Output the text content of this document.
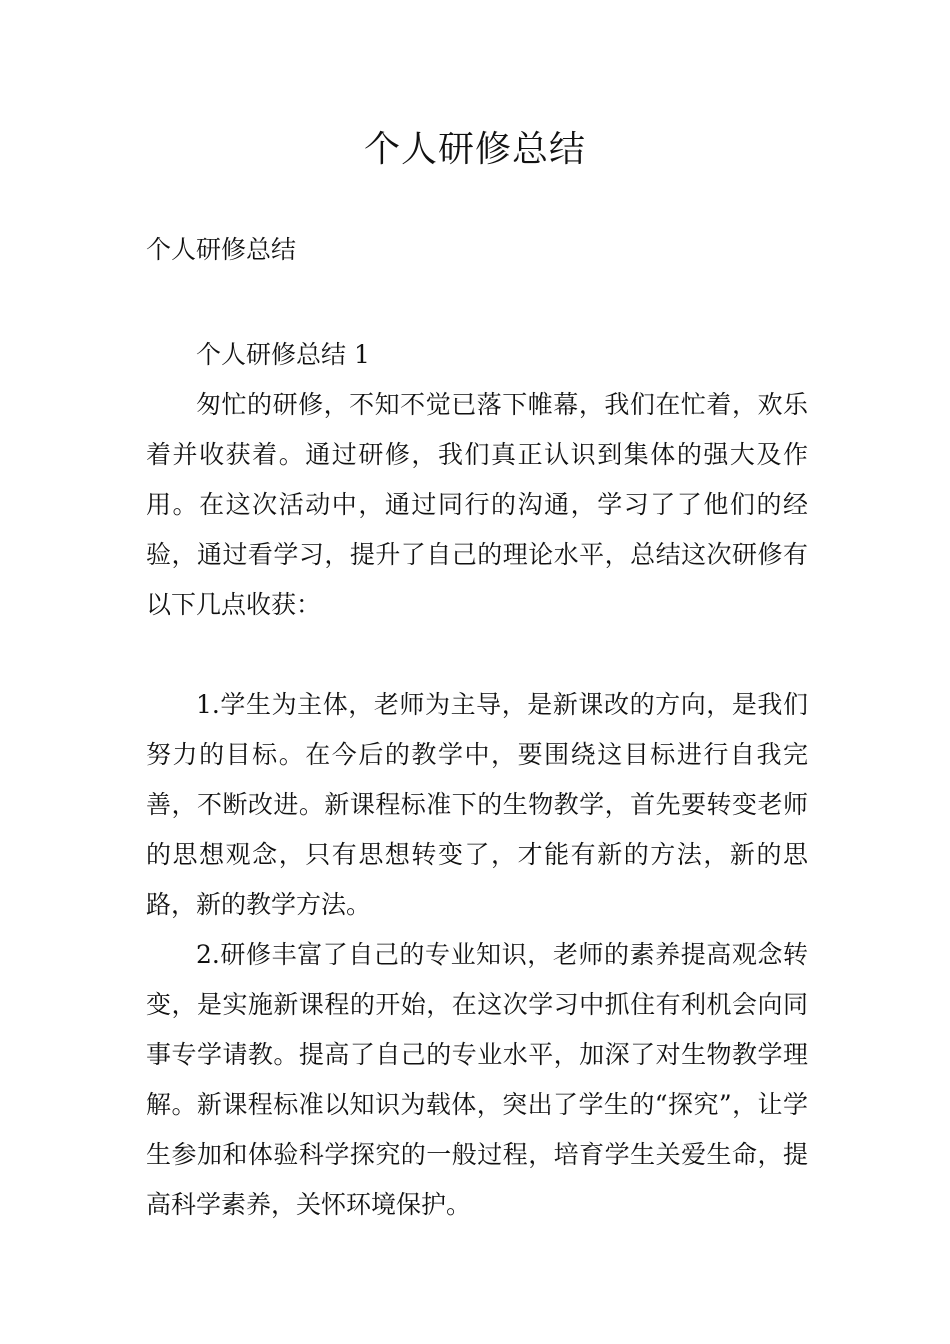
个人研修总结

个人研修总结

个人研修总结 1

匆忙的研修，不知不觉已落下帷幕，我们在忙着，欢乐着并收获着。通过研修，我们真正认识到集体的强大及作用。在这次活动中，通过同行的沟通，学习了了他们的经验，通过看学习，提升了自己的理论水平，总结这次研修有以下几点收获：

1.学生为主体，老师为主导，是新课改的方向，是我们努力的目标。在今后的教学中，要围绕这目标进行自我完善，不断改进。新课程标准下的生物教学，首先要转变老师的思想观念，只有思想转变了，才能有新的方法，新的思路，新的教学方法。

2.研修丰富了自己的专业知识，老师的素养提高观念转变，是实施新课程的开始，在这次学习中抓住有利机会向同事专学请教。提高了自己的专业水平，加深了对生物教学理解。新课程标准以知识为载体，突出了学生的“探究”，让学生参加和体验科学探究的一般过程，培育学生关爱生命，提高科学素养，关怀环境保护。
